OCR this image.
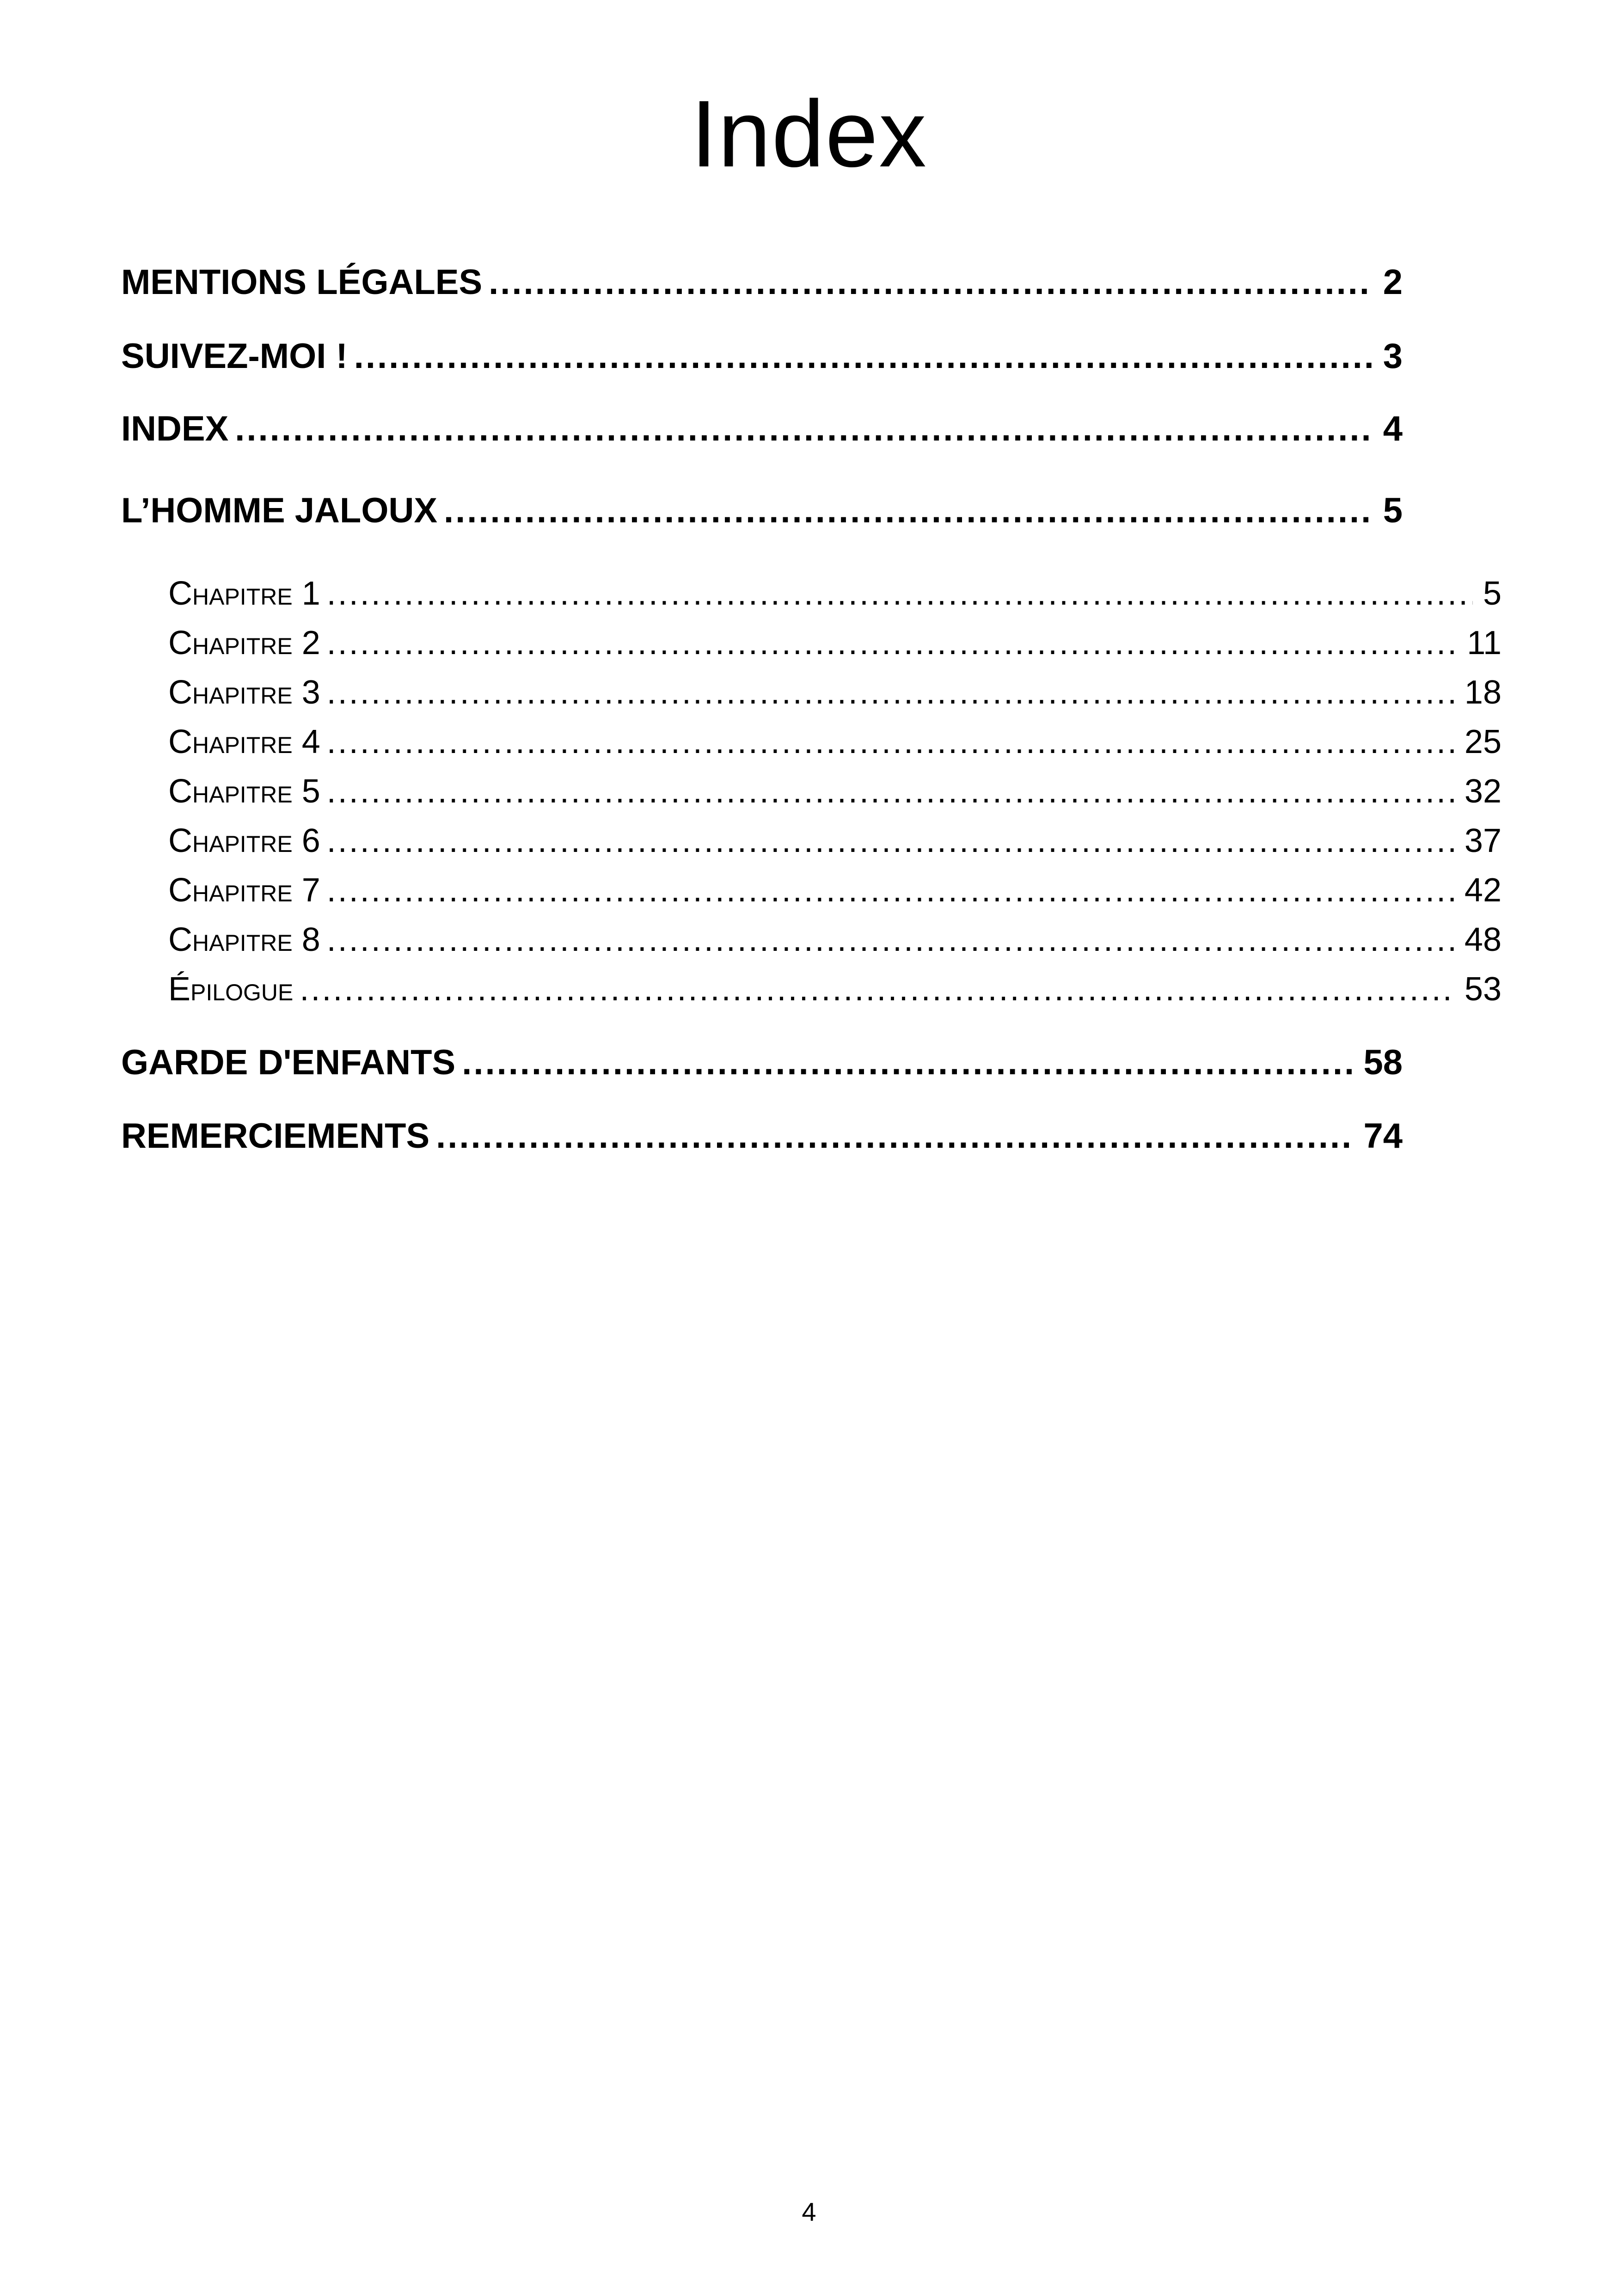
Index
MENTIONS LÉGALES .....	2
SUIVEZ-MOI ! .....	3
INDEX .....	4
L’HOMME JALOUX .....	5
Chapitre 1 .....	5
Chapitre 2 .....	11
Chapitre 3 .....	18
Chapitre 4 .....	25
Chapitre 5 .....	32
Chapitre 6 .....	37
Chapitre 7 .....	42
Chapitre 8 .....	48
Épilogue .....	53
GARDE D'ENFANTS .....	58
REMERCIEMENTS .....	74
4
